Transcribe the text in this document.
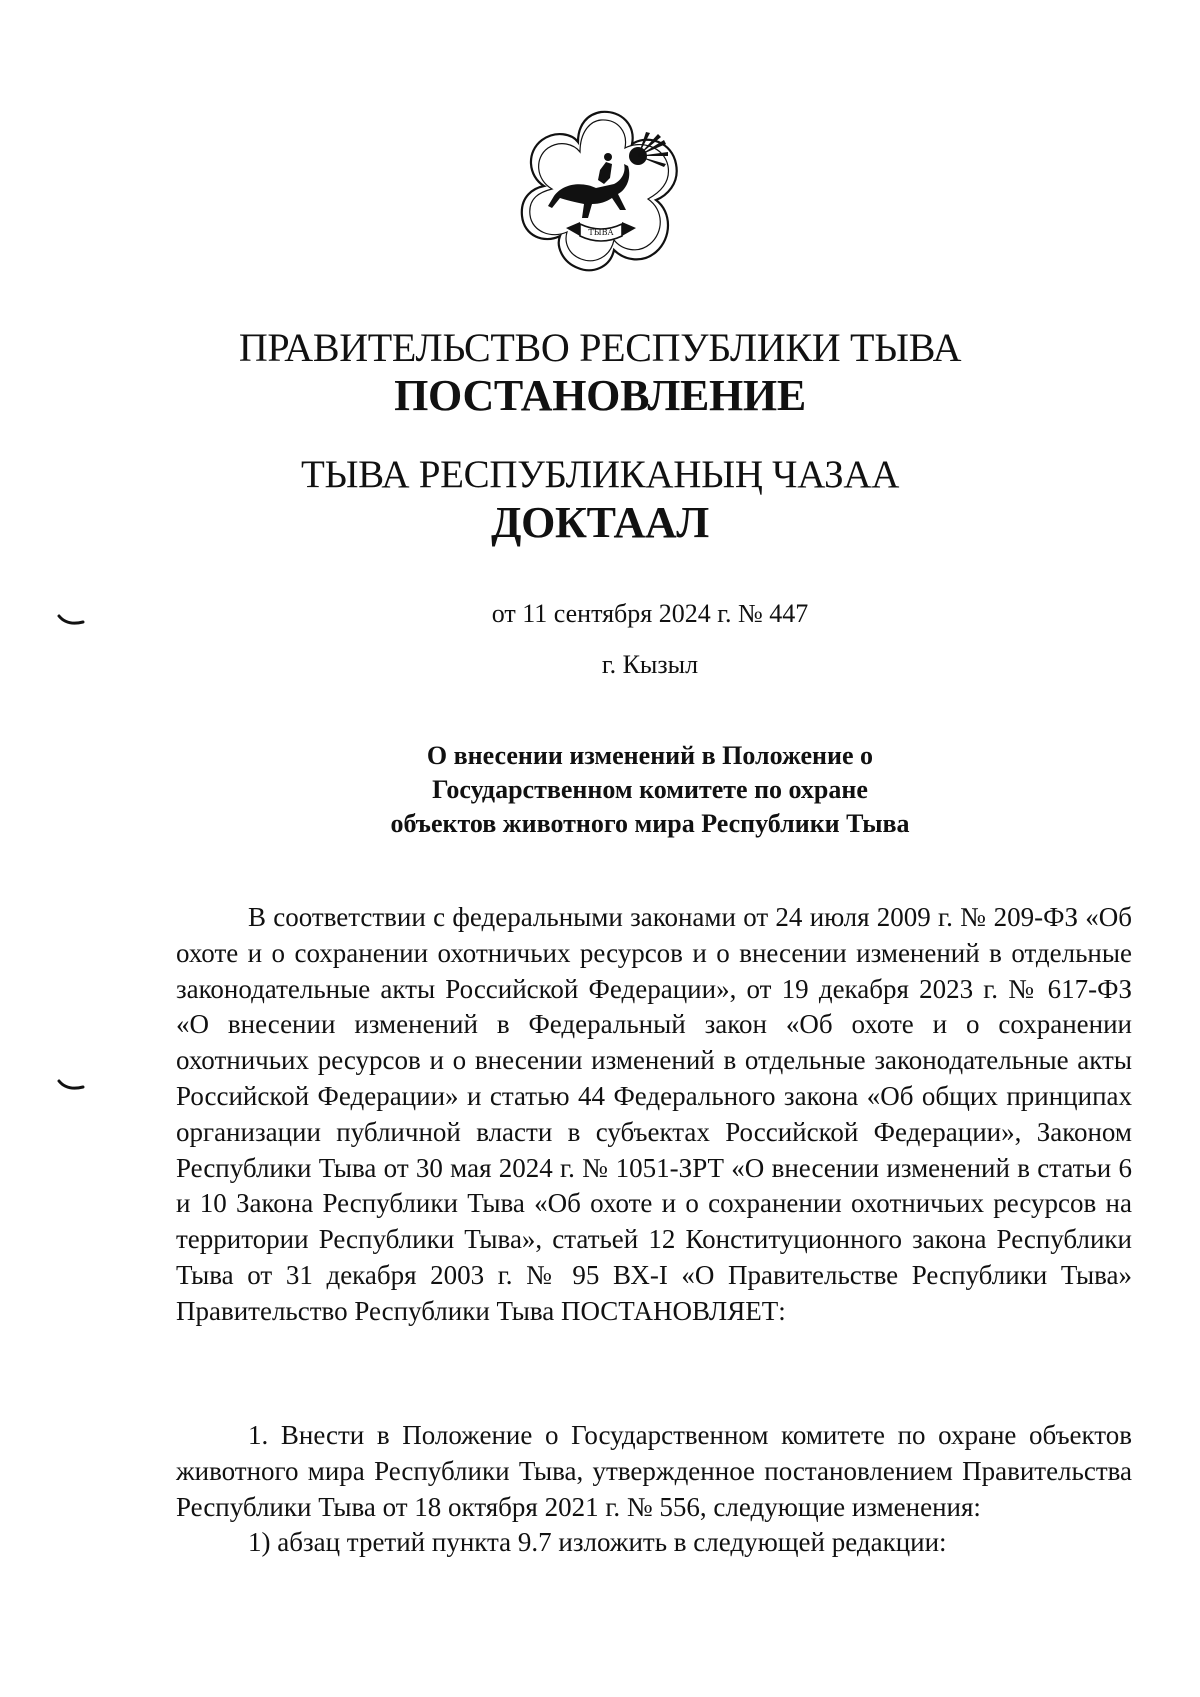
ТЫВА
ПРАВИТЕЛЬСТВО РЕСПУБЛИКИ ТЫВА
ПОСТАНОВЛЕНИЕ
ТЫВА РЕСПУБЛИКАНЫҢ ЧАЗАА
ДОКТААЛ
от 11 сентября 2024 г. № 447
г. Кызыл
О внесении изменений в Положение о
Государственном комитете по охране
объектов животного мира Республики Тыва

В соответствии с федеральными законами от 24 июля 2009 г. № 209-ФЗ «Об охоте и о сохранении охотничьих ресурсов и о внесении изменений в отдельные законодательные акты Российской Федерации», от 19 декабря 2023 г. № 617-ФЗ «О внесении изменений в Федеральный закон «Об охоте и о сохранении охотничьих ресурсов и о внесении изменений в отдельные законодательные акты Российской Федерации» и статью 44 Федерального закона «Об общих принципах организации публичной власти в субъектах Российской Федерации», Законом Республики Тыва от 30 мая 2024 г. № 1051-ЗРТ «О внесении изменений в статьи 6 и 10 Закона Республики Тыва «Об охоте и о сохранении охотничьих ресурсов на территории Республики Тыва», статьей 12 Конституционного закона Республики Тыва от 31 декабря 2003 г. № 95 ВХ-I «О Правительстве Республики Тыва» Правительство Республики Тыва ПОСТАНОВЛЯЕТ:

1. Внести в Положение о Государственном комитете по охране объектов животного мира Республики Тыва, утвержденное постановлением Правительства Республики Тыва от 18 октября 2021 г. № 556, следующие изменения:

1) абзац третий пункта 9.7 изложить в следующей редакции:
